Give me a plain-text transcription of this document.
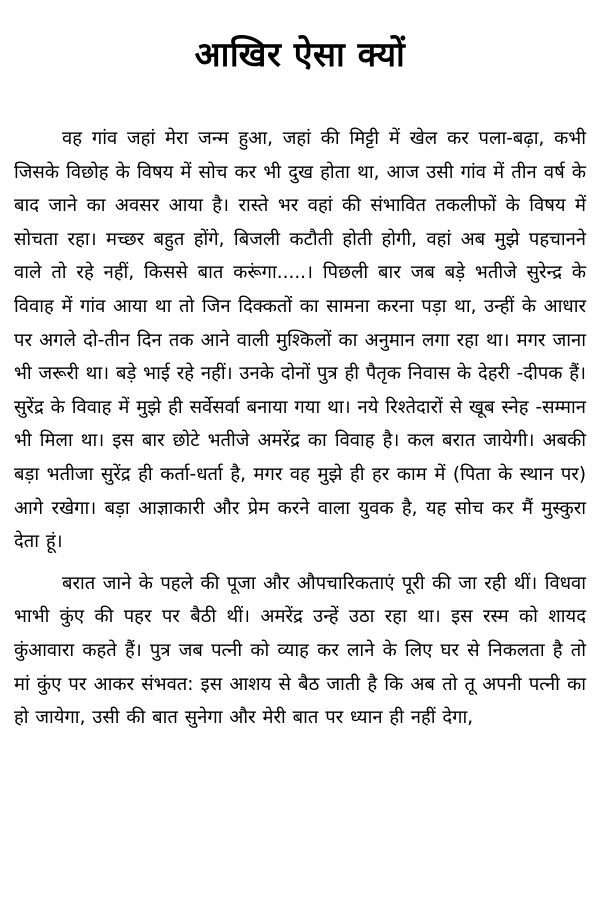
आखिर ऐसा क्यों

वह गांव जहां मेरा जन्म हुआ, जहां की मिट्टी में खेल कर पला-बढ़ा, कभी जिसके विछोह के विषय में सोच कर भी दुख होता था, आज उसी गांव में तीन वर्ष के बाद जाने का अवसर आया है। रास्ते भर वहां की संभावित तकलीफों के विषय में सोचता रहा। मच्छर बहुत होंगे, बिजली कटौती होती होगी, वहां अब मुझे पहचानने वाले तो रहे नहीं, किससे बात करूंगा.....। पिछली बार जब बड़े भतीजे सुरेन्द्र के विवाह में गांव आया था तो जिन दिक्कतों का सामना करना पड़ा था, उन्हीं के आधार पर अगले दो-तीन दिन तक आने वाली मुश्किलों का अनुमान लगा रहा था। मगर जाना भी जरूरी था। बड़े भाई रहे नहीं। उनके दोनों पुत्र ही पैतृक निवास के देहरी -दीपक हैं। सुरेंद्र के विवाह में मुझे ही सर्वेसर्वा बनाया गया था। नये रिश्तेदारों से खूब स्नेह -सम्मान भी मिला था। इस बार छोटे भतीजे अमरेंद्र का विवाह है। कल बरात जायेगी। अबकी बड़ा भतीजा सुरेंद्र ही कर्ता-धर्ता है, मगर वह मुझे ही हर काम में (पिता के स्थान पर) आगे रखेगा। बड़ा आज्ञाकारी और प्रेम करने वाला युवक है, यह सोच कर मैं मुस्कुरा देता हूं।

बरात जाने के पहले की पूजा और औपचारिकताएं पूरी की जा रही थीं। विधवा भाभी कुंए की पहर पर बैठी थीं। अमरेंद्र उन्हें उठा रहा था। इस रस्म को शायद कुंआवारा कहते हैं। पुत्र जब पत्नी को व्याह कर लाने के लिए घर से निकलता है तो मां कुंए पर आकर संभवत: इस आशय से बैठ जाती है कि अब तो तू अपनी पत्नी का हो जायेगा, उसी की बात सुनेगा और मेरी बात पर ध्यान ही नहीं देगा,
